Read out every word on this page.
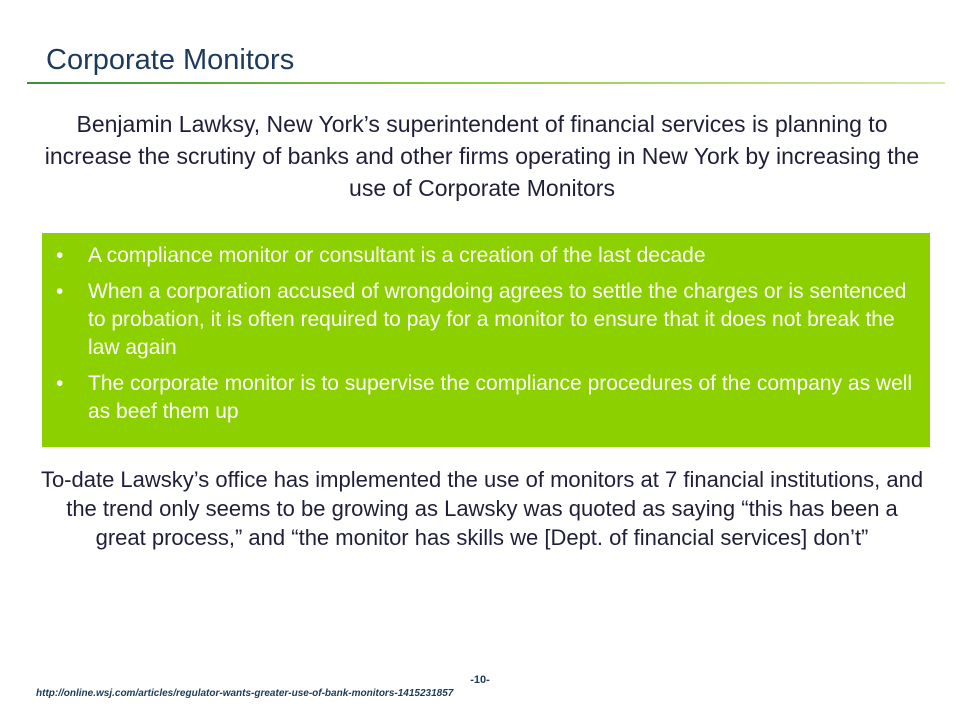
Corporate Monitors
Benjamin Lawksy, New York’s superintendent of financial services is planning to increase the scrutiny of banks and other firms operating in New York by increasing the use of Corporate Monitors
•	A compliance monitor or consultant is a creation of the last decade
•	When a corporation accused of wrongdoing agrees to settle the charges or is sentenced to probation, it is often required to pay for a monitor to ensure that it does not break the law again
•	The corporate monitor is to supervise the compliance procedures of the company as well as beef them up
To-date Lawsky’s office has implemented the use of monitors at 7 financial institutions, and the trend only seems to be growing as Lawsky was quoted as saying “this has been a great process,” and “the monitor has skills we [Dept. of financial services] don’t”
-10-
http://online.wsj.com/articles/regulator-wants-greater-use-of-bank-monitors-1415231857
